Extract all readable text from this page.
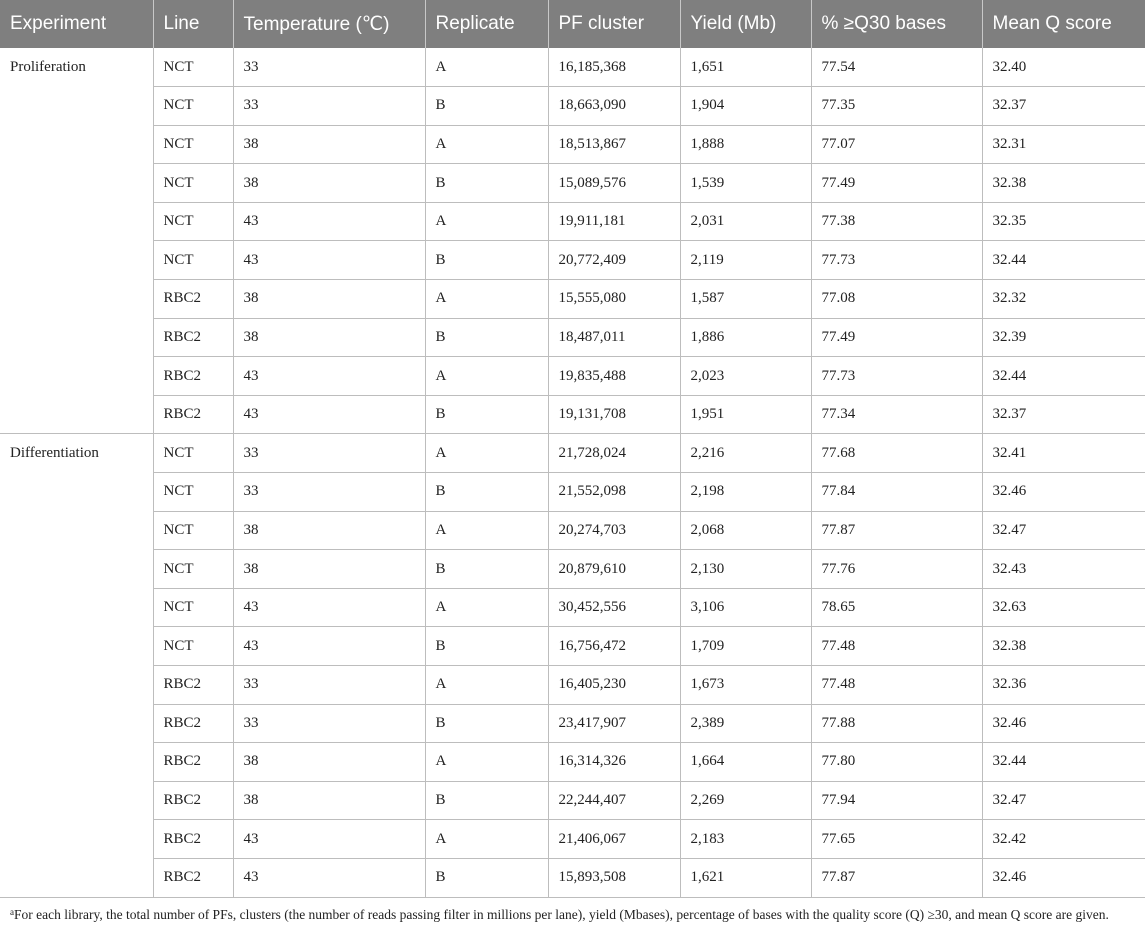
Experiment	Line	Temperature (℃)	Replicate	PF cluster	Yield (Mb)	% ≥Q30 bases	Mean Q score
Proliferation	NCT	33	A	16,185,368	1,651	77.54	32.40
	NCT	33	B	18,663,090	1,904	77.35	32.37
	NCT	38	A	18,513,867	1,888	77.07	32.31
	NCT	38	B	15,089,576	1,539	77.49	32.38
	NCT	43	A	19,911,181	2,031	77.38	32.35
	NCT	43	B	20,772,409	2,119	77.73	32.44
	RBC2	38	A	15,555,080	1,587	77.08	32.32
	RBC2	38	B	18,487,011	1,886	77.49	32.39
	RBC2	43	A	19,835,488	2,023	77.73	32.44
	RBC2	43	B	19,131,708	1,951	77.34	32.37
Differentiation	NCT	33	A	21,728,024	2,216	77.68	32.41
	NCT	33	B	21,552,098	2,198	77.84	32.46
	NCT	38	A	20,274,703	2,068	77.87	32.47
	NCT	38	B	20,879,610	2,130	77.76	32.43
	NCT	43	A	30,452,556	3,106	78.65	32.63
	NCT	43	B	16,756,472	1,709	77.48	32.38
	RBC2	33	A	16,405,230	1,673	77.48	32.36
	RBC2	33	B	23,417,907	2,389	77.88	32.46
	RBC2	38	A	16,314,326	1,664	77.80	32.44
	RBC2	38	B	22,244,407	2,269	77.94	32.47
	RBC2	43	A	21,406,067	2,183	77.65	32.42
	RBC2	43	B	15,893,508	1,621	77.87	32.46
$^a$For each library, the total number of PFs, clusters (the number of reads passing filter in millions per lane), yield (Mbases), percentage of bases with the quality score (Q) ≥30, and mean Q score are given.
